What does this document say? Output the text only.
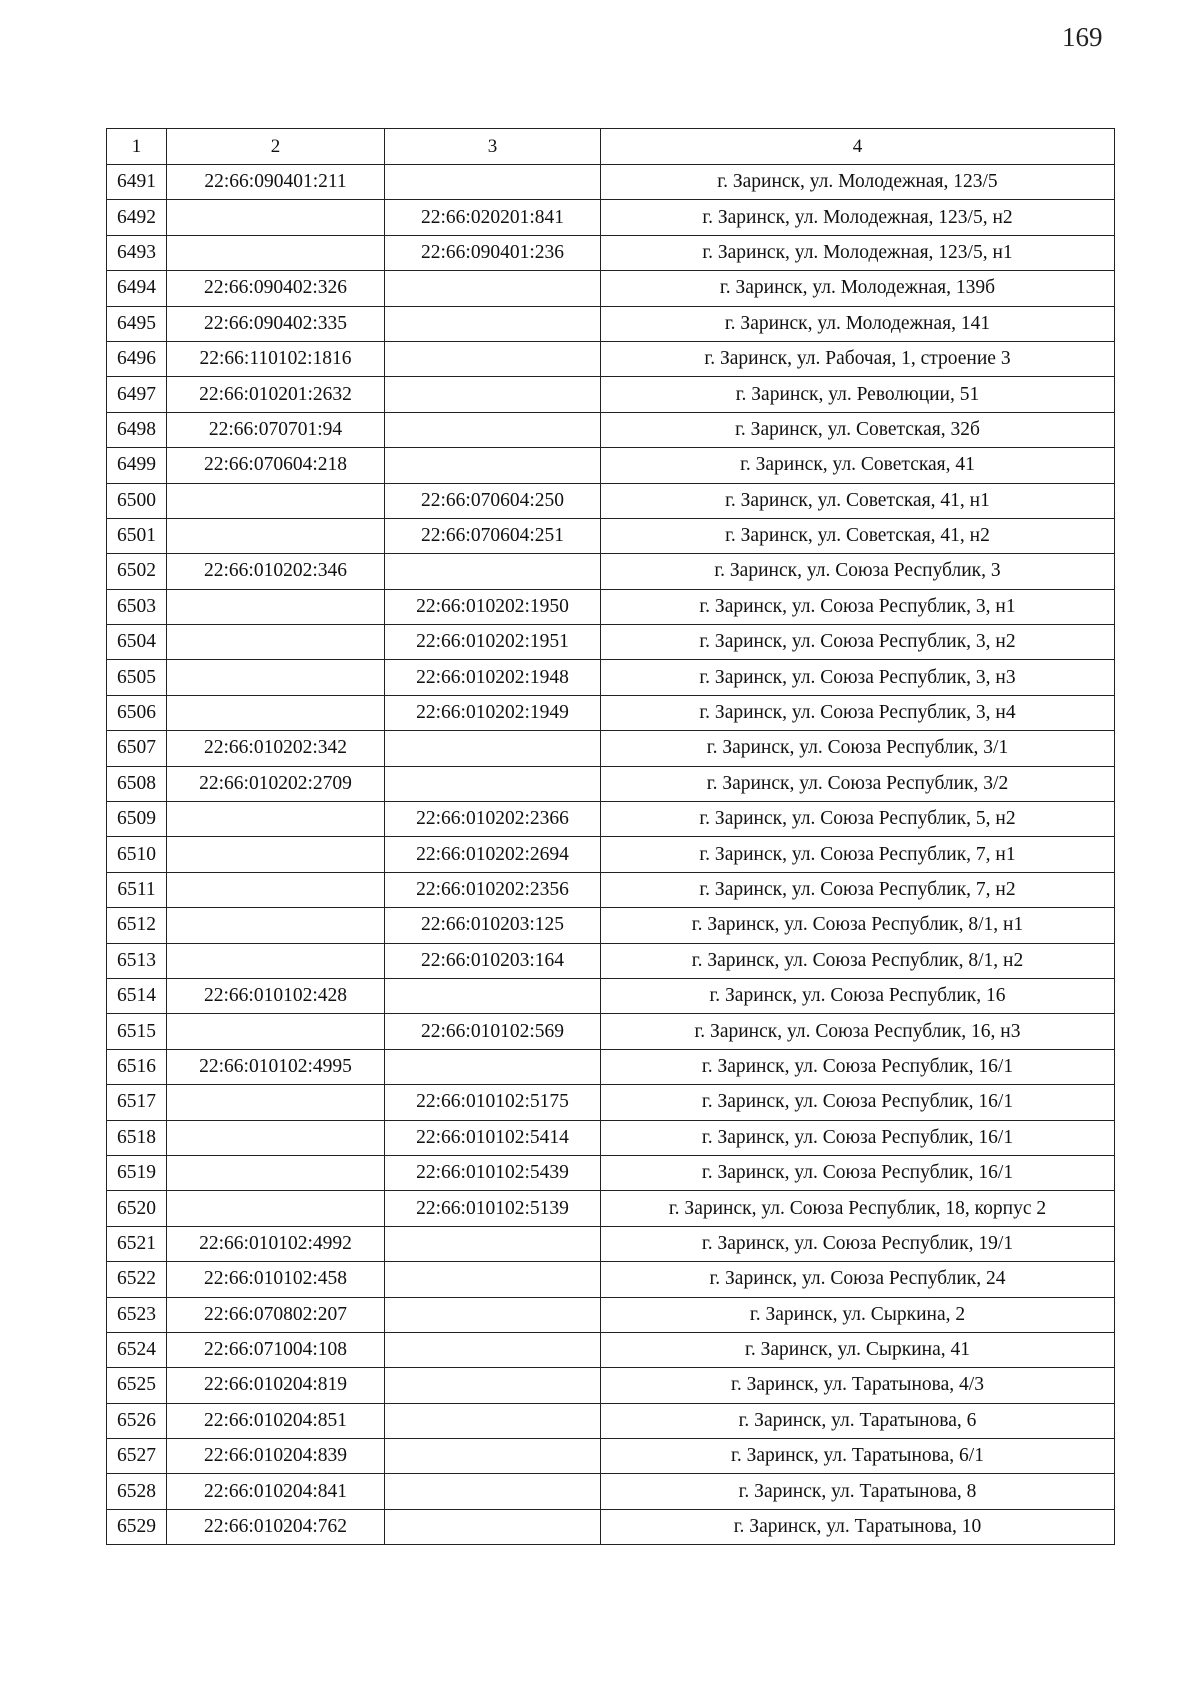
169
1	2	3	4
6491	22:66:090401:211		г. Заринск, ул. Молодежная, 123/5
6492		22:66:020201:841	г. Заринск, ул. Молодежная, 123/5, н2
6493		22:66:090401:236	г. Заринск, ул. Молодежная, 123/5, н1
6494	22:66:090402:326		г. Заринск, ул. Молодежная, 139б
6495	22:66:090402:335		г. Заринск, ул. Молодежная, 141
6496	22:66:110102:1816		г. Заринск, ул. Рабочая, 1, строение 3
6497	22:66:010201:2632		г. Заринск, ул. Революции, 51
6498	22:66:070701:94		г. Заринск, ул. Советская, 32б
6499	22:66:070604:218		г. Заринск, ул. Советская, 41
6500		22:66:070604:250	г. Заринск, ул. Советская, 41, н1
6501		22:66:070604:251	г. Заринск, ул. Советская, 41, н2
6502	22:66:010202:346		г. Заринск, ул. Союза Республик, 3
6503		22:66:010202:1950	г. Заринск, ул. Союза Республик, 3, н1
6504		22:66:010202:1951	г. Заринск, ул. Союза Республик, 3, н2
6505		22:66:010202:1948	г. Заринск, ул. Союза Республик, 3, н3
6506		22:66:010202:1949	г. Заринск, ул. Союза Республик, 3, н4
6507	22:66:010202:342		г. Заринск, ул. Союза Республик, 3/1
6508	22:66:010202:2709		г. Заринск, ул. Союза Республик, 3/2
6509		22:66:010202:2366	г. Заринск, ул. Союза Республик, 5, н2
6510		22:66:010202:2694	г. Заринск, ул. Союза Республик, 7, н1
6511		22:66:010202:2356	г. Заринск, ул. Союза Республик, 7, н2
6512		22:66:010203:125	г. Заринск, ул. Союза Республик, 8/1, н1
6513		22:66:010203:164	г. Заринск, ул. Союза Республик, 8/1, н2
6514	22:66:010102:428		г. Заринск, ул. Союза Республик, 16
6515		22:66:010102:569	г. Заринск, ул. Союза Республик, 16, н3
6516	22:66:010102:4995		г. Заринск, ул. Союза Республик, 16/1
6517		22:66:010102:5175	г. Заринск, ул. Союза Республик, 16/1
6518		22:66:010102:5414	г. Заринск, ул. Союза Республик, 16/1
6519		22:66:010102:5439	г. Заринск, ул. Союза Республик, 16/1
6520		22:66:010102:5139	г. Заринск, ул. Союза Республик, 18, корпус 2
6521	22:66:010102:4992		г. Заринск, ул. Союза Республик, 19/1
6522	22:66:010102:458		г. Заринск, ул. Союза Республик, 24
6523	22:66:070802:207		г. Заринск, ул. Сыркина, 2
6524	22:66:071004:108		г. Заринск, ул. Сыркина, 41
6525	22:66:010204:819		г. Заринск, ул. Таратынова, 4/3
6526	22:66:010204:851		г. Заринск, ул. Таратынова, 6
6527	22:66:010204:839		г. Заринск, ул. Таратынова, 6/1
6528	22:66:010204:841		г. Заринск, ул. Таратынова, 8
6529	22:66:010204:762		г. Заринск, ул. Таратынова, 10
